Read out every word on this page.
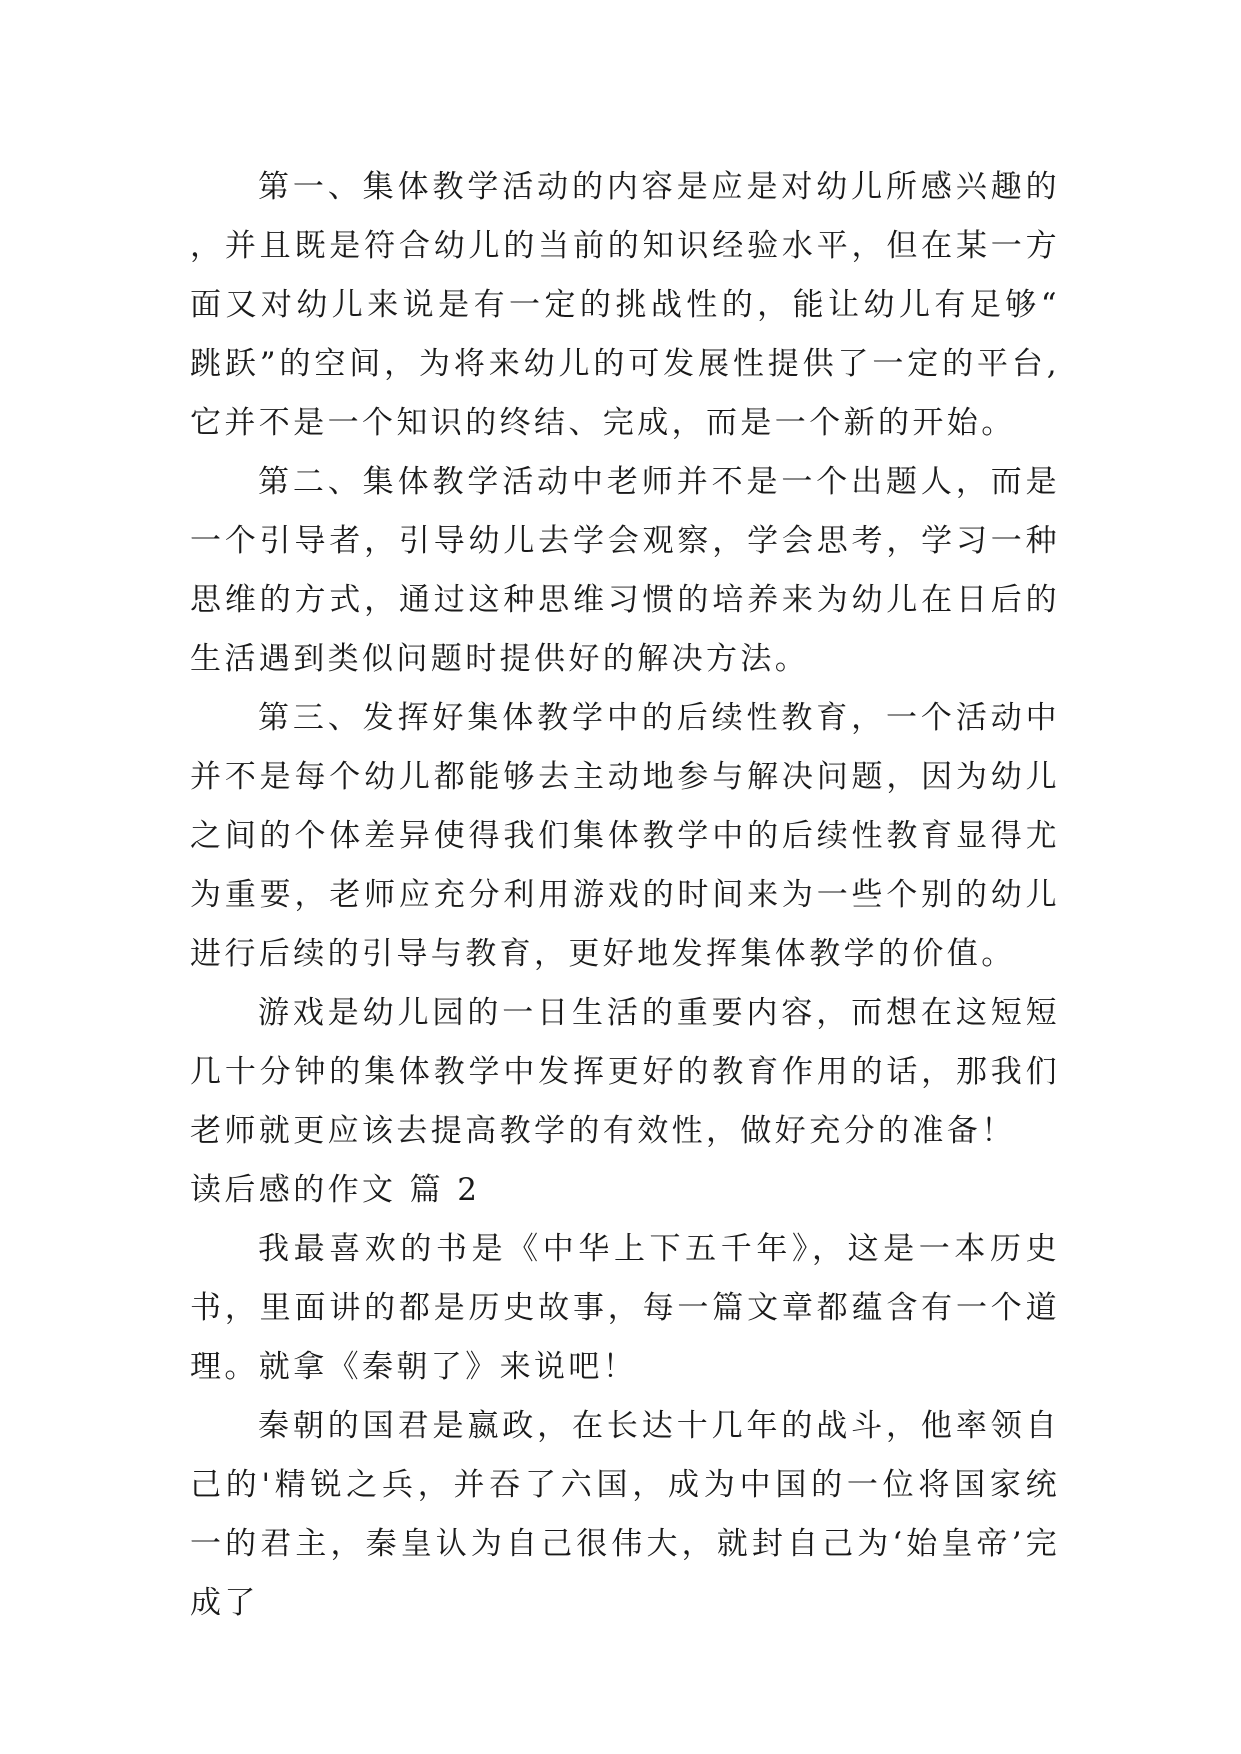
第一、集体教学活动的内容是应是对幼儿所感兴趣的，并且既是符合幼儿的当前的知识经验水平，但在某一方面又对幼儿来说是有一定的挑战性的，能让幼儿有足够“跳跃”的空间，为将来幼儿的可发展性提供了一定的平台,它并不是一个知识的终结、完成，而是一个新的开始。

第二、集体教学活动中老师并不是一个出题人，而是一个引导者，引导幼儿去学会观察，学会思考，学习一种思维的方式，通过这种思维习惯的培养来为幼儿在日后的生活遇到类似问题时提供好的解决方法。

第三、发挥好集体教学中的后续性教育，一个活动中并不是每个幼儿都能够去主动地参与解决问题，因为幼儿之间的个体差异使得我们集体教学中的后续性教育显得尤为重要，老师应充分利用游戏的时间来为一些个别的幼儿进行后续的引导与教育，更好地发挥集体教学的价值。

游戏是幼儿园的一日生活的重要内容，而想在这短短几十分钟的集体教学中发挥更好的教育作用的话，那我们老师就更应该去提高教学的有效性，做好充分的准备！

读后感的作文 篇 2

我最喜欢的书是《中华上下五千年》，这是一本历史书，里面讲的都是历史故事，每一篇文章都蕴含有一个道理。就拿《秦朝了》来说吧！

秦朝的国君是嬴政，在长达十几年的战斗，他率领自己的'精锐之兵，并吞了六国，成为中国的一位将国家统一的君主，秦皇认为自己很伟大，就封自己为‘始皇帝’完成了
